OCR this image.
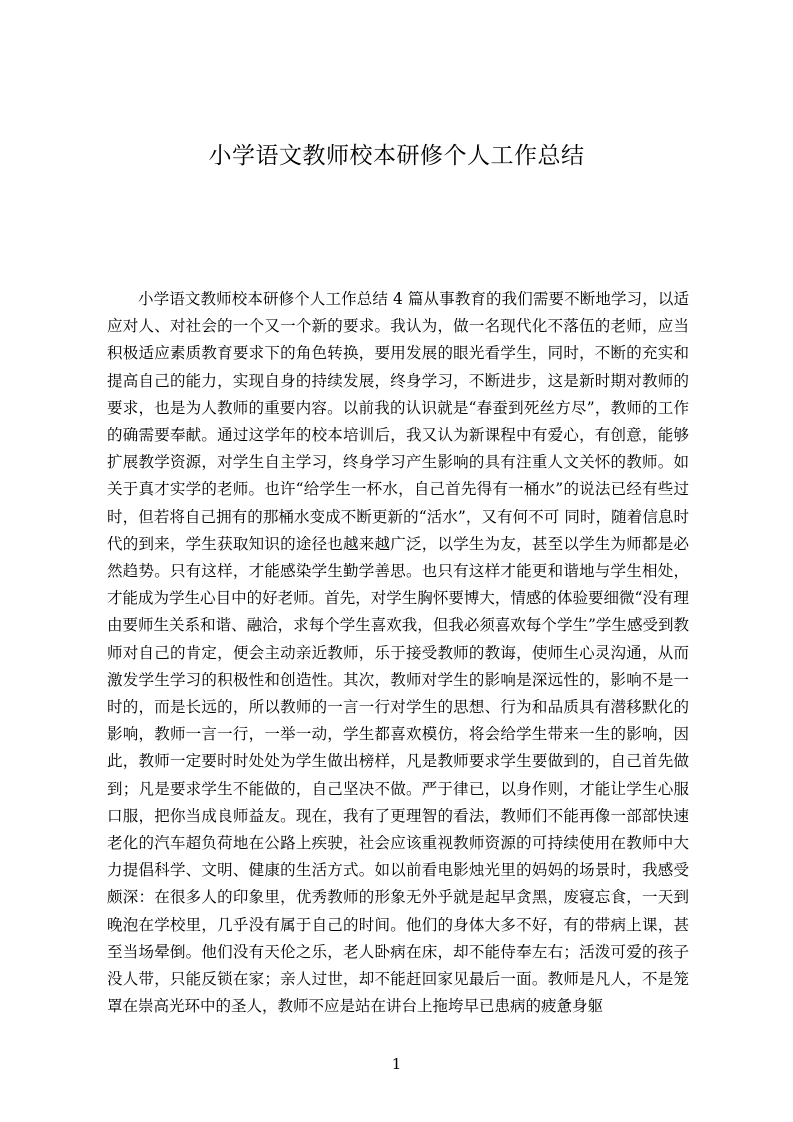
小学语文教师校本研修个人工作总结

小学语文教师校本研修个人工作总结 4 篇从事教育的我们需要不断地学习，以适应对人、对社会的一个又一个新的要求。我认为，做一名现代化不落伍的老师，应当积极适应素质教育要求下的角色转换，要用发展的眼光看学生，同时，不断的充实和提高自己的能力，实现自身的持续发展，终身学习，不断进步，这是新时期对教师的要求，也是为人教师的重要内容。以前我的认识就是“春蚕到死丝方尽”，教师的工作的确需要奉献。通过这学年的校本培训后，我又认为新课程中有爱心，有创意，能够扩展教学资源，对学生自主学习，终身学习产生影响的具有注重人文关怀的教师。如关于真才实学的老师。也许“给学生一杯水，自己首先得有一桶水”的说法已经有些过时，但若将自己拥有的那桶水变成不断更新的“活水”，又有何不可 同时，随着信息时代的到来，学生获取知识的途径也越来越广泛，以学生为友，甚至以学生为师都是必然趋势。只有这样，才能感染学生勤学善思。也只有这样才能更和谐地与学生相处，才能成为学生心目中的好老师。首先，对学生胸怀要博大，情感的体验要细微“没有理由要师生关系和谐、融洽，求每个学生喜欢我，但我必须喜欢每个学生”学生感受到教师对自己的肯定，便会主动亲近教师，乐于接受教师的教诲，使师生心灵沟通，从而激发学生学习的积极性和创造性。其次，教师对学生的影响是深远性的，影响不是一时的，而是长远的，所以教师的一言一行对学生的思想、行为和品质具有潜移默化的影响，教师一言一行，一举一动，学生都喜欢模仿，将会给学生带来一生的影响，因此，教师一定要时时处处为学生做出榜样，凡是教师要求学生要做到的，自己首先做到；凡是要求学生不能做的，自己坚决不做。严于律已，以身作则，才能让学生心服口服，把你当成良师益友。现在，我有了更理智的看法，教师们不能再像一部部快速老化的汽车超负荷地在公路上疾驶，社会应该重视教师资源的可持续使用在教师中大力提倡科学、文明、健康的生活方式。如以前看电影烛光里的妈妈的场景时，我感受颇深：在很多人的印象里，优秀教师的形象无外乎就是起早贪黑，废寝忘食，一天到晚泡在学校里，几乎没有属于自己的时间。他们的身体大多不好，有的带病上课，甚至当场晕倒。他们没有天伦之乐，老人卧病在床，却不能侍奉左右；活泼可爱的孩子没人带，只能反锁在家；亲人过世，却不能赶回家见最后一面。教师是凡人，不是笼罩在崇高光环中的圣人，教师不应是站在讲台上拖垮早已患病的疲惫身躯

1
